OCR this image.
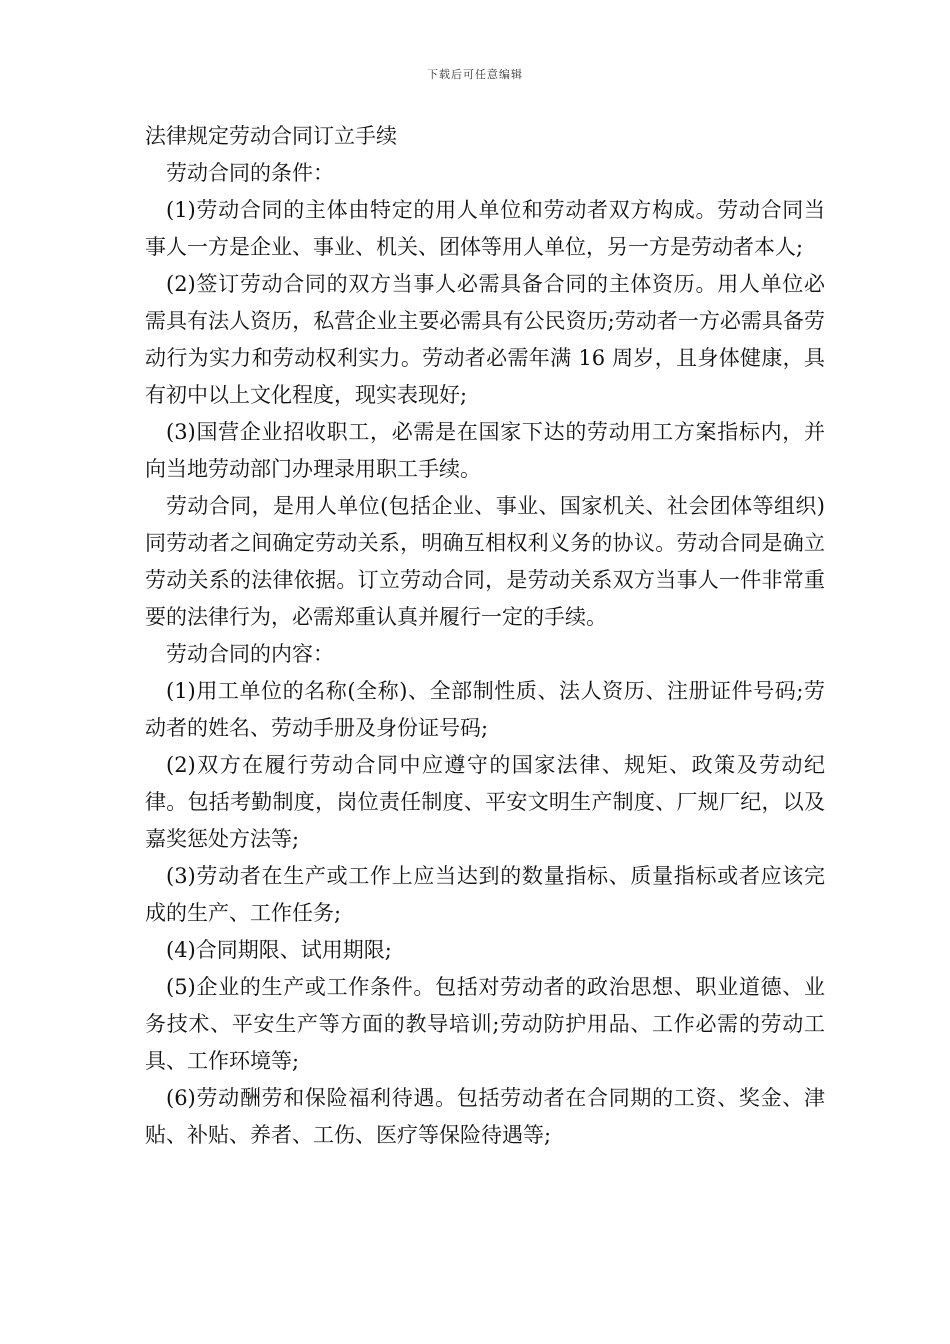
下载后可任意编辑
法律规定劳动合同订立手续

劳动合同的条件：

(1)劳动合同的主体由特定的用人单位和劳动者双方构成。劳动合同当事人一方是企业、事业、机关、团体等用人单位，另一方是劳动者本人;

(2)签订劳动合同的双方当事人必需具备合同的主体资历。用人单位必需具有法人资历，私营企业主要必需具有公民资历;劳动者一方必需具备劳动行为实力和劳动权利实力。劳动者必需年满 16 周岁，且身体健康，具有初中以上文化程度，现实表现好;

(3)国营企业招收职工，必需是在国家下达的劳动用工方案指标内，并向当地劳动部门办理录用职工手续。

劳动合同，是用人单位(包括企业、事业、国家机关、社会团体等组织)同劳动者之间确定劳动关系，明确互相权利义务的协议。劳动合同是确立劳动关系的法律依据。订立劳动合同，是劳动关系双方当事人一件非常重要的法律行为，必需郑重认真并履行一定的手续。

劳动合同的内容：

(1)用工单位的名称(全称)、全部制性质、法人资历、注册证件号码;劳动者的姓名、劳动手册及身份证号码;

(2)双方在履行劳动合同中应遵守的国家法律、规矩、政策及劳动纪律。包括考勤制度，岗位责任制度、平安文明生产制度、厂规厂纪，以及嘉奖惩处方法等;

(3)劳动者在生产或工作上应当达到的数量指标、质量指标或者应该完成的生产、工作任务;

(4)合同期限、试用期限;

(5)企业的生产或工作条件。包括对劳动者的政治思想、职业道德、业务技术、平安生产等方面的教导培训;劳动防护用品、工作必需的劳动工具、工作环境等;

(6)劳动酬劳和保险福利待遇。包括劳动者在合同期的工资、奖金、津贴、补贴、养者、工伤、医疗等保险待遇等;
